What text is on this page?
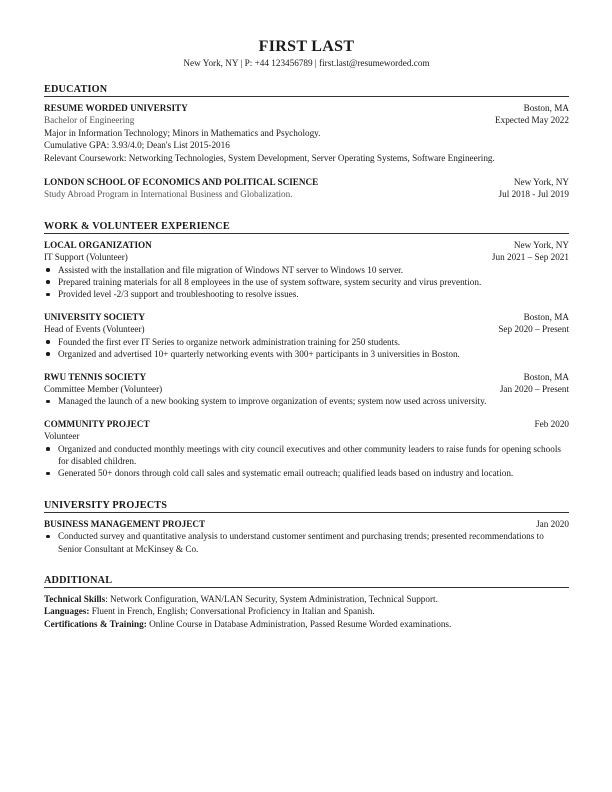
FIRST LAST
New York, NY | P: +44 123456789 | first.last@resumeworded.com
EDUCATION
RESUME WORDED UNIVERSITY	Boston, MA
Bachelor of Engineering	Expected May 2022
Major in Information Technology; Minors in Mathematics and Psychology.
Cumulative GPA: 3.93/4.0; Dean's List 2015-2016
Relevant Coursework: Networking Technologies, System Development, Server Operating Systems, Software Engineering.
LONDON SCHOOL OF ECONOMICS AND POLITICAL SCIENCE	New York, NY
Study Abroad Program in International Business and Globalization.	Jul 2018 - Jul 2019
WORK & VOLUNTEER EXPERIENCE
LOCAL ORGANIZATION	New York, NY
IT Support (Volunteer)	Jun 2021 – Sep 2021
Assisted with the installation and file migration of Windows NT server to Windows 10 server.
Prepared training materials for all 8 employees in the use of system software, system security and virus prevention.
Provided level -2/3 support and troubleshooting to resolve issues.
UNIVERSITY SOCIETY	Boston, MA
Head of Events (Volunteer)	Sep 2020 – Present
Founded the first ever IT Series to organize network administration training for 250 students.
Organized and advertised 10+ quarterly networking events with 300+ participants in 3 universities in Boston.
RWU TENNIS SOCIETY	Boston, MA
Committee Member (Volunteer)	Jan 2020 – Present
Managed the launch of a new booking system to improve organization of events; system now used across university.
COMMUNITY PROJECT	Feb 2020
Volunteer
Organized and conducted monthly meetings with city council executives and other community leaders to raise funds for opening schools for disabled children.
Generated 50+ donors through cold call sales and systematic email outreach; qualified leads based on industry and location.
UNIVERSITY PROJECTS
BUSINESS MANAGEMENT PROJECT	Jan 2020
Conducted survey and quantitative analysis to understand customer sentiment and purchasing trends; presented recommendations to Senior Consultant at McKinsey & Co.
ADDITIONAL
Technical Skills: Network Configuration, WAN/LAN Security, System Administration, Technical Support.
Languages: Fluent in French, English; Conversational Proficiency in Italian and Spanish.
Certifications & Training: Online Course in Database Administration, Passed Resume Worded examinations.
